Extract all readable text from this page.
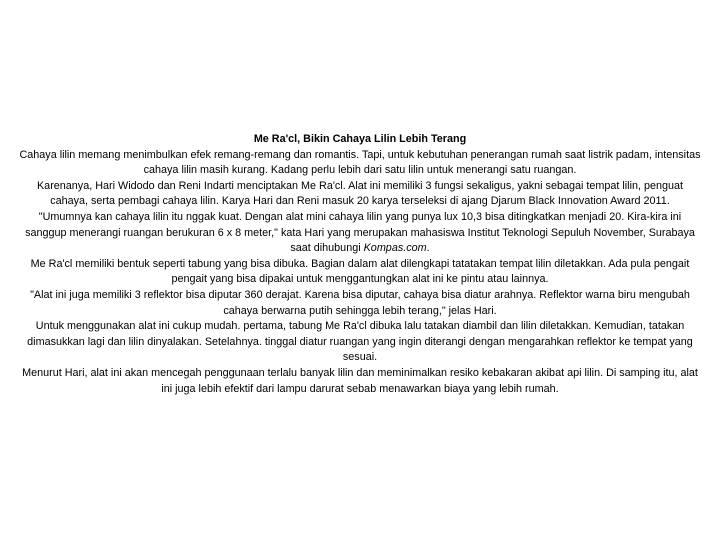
Me Ra'cl, Bikin Cahaya Lilin Lebih Terang

Cahaya lilin memang menimbulkan efek remang-remang dan romantis. Tapi, untuk kebutuhan penerangan rumah saat listrik padam, intensitas cahaya lilin masih kurang. Kadang perlu lebih dari satu lilin untuk menerangi satu ruangan.

Karenanya, Hari Widodo dan Reni Indarti menciptakan Me Ra'cl. Alat ini memiliki 3 fungsi sekaligus, yakni sebagai tempat lilin, penguat cahaya, serta pembagi cahaya lilin. Karya Hari dan Reni masuk 20 karya terseleksi di ajang Djarum Black Innovation Award 2011.

"Umumnya kan cahaya lilin itu nggak kuat. Dengan alat mini cahaya lilin yang punya lux 10,3 bisa ditingkatkan menjadi 20. Kira-kira ini sanggup menerangi ruangan berukuran 6 x 8 meter," kata Hari yang merupakan mahasiswa Institut Teknologi Sepuluh November, Surabaya saat dihubungi Kompas.com.

Me Ra'cl memiliki bentuk seperti tabung yang bisa dibuka. Bagian dalam alat dilengkapi tatatakan tempat lilin diletakkan. Ada pula pengait pengait yang bisa dipakai untuk menggantungkan alat ini ke pintu atau lainnya.

"Alat ini juga memiliki 3 reflektor bisa diputar 360 derajat. Karena bisa diputar, cahaya bisa diatur arahnya. Reflektor warna biru mengubah cahaya berwarna putih sehingga lebih terang," jelas Hari.

Untuk menggunakan alat ini cukup mudah. pertama, tabung Me Ra'cl dibuka lalu tatakan diambil dan lilin diletakkan. Kemudian, tatakan dimasukkan lagi dan lilin dinyalakan. Setelahnya. tinggal diatur ruangan yang ingin diterangi dengan mengarahkan reflektor ke tempat yang sesuai.

Menurut Hari, alat ini akan mencegah penggunaan terlalu banyak lilin dan meminimalkan resiko kebakaran akibat api lilin. Di samping itu, alat ini juga lebih efektif dari lampu darurat sebab menawarkan biaya yang lebih rumah.
